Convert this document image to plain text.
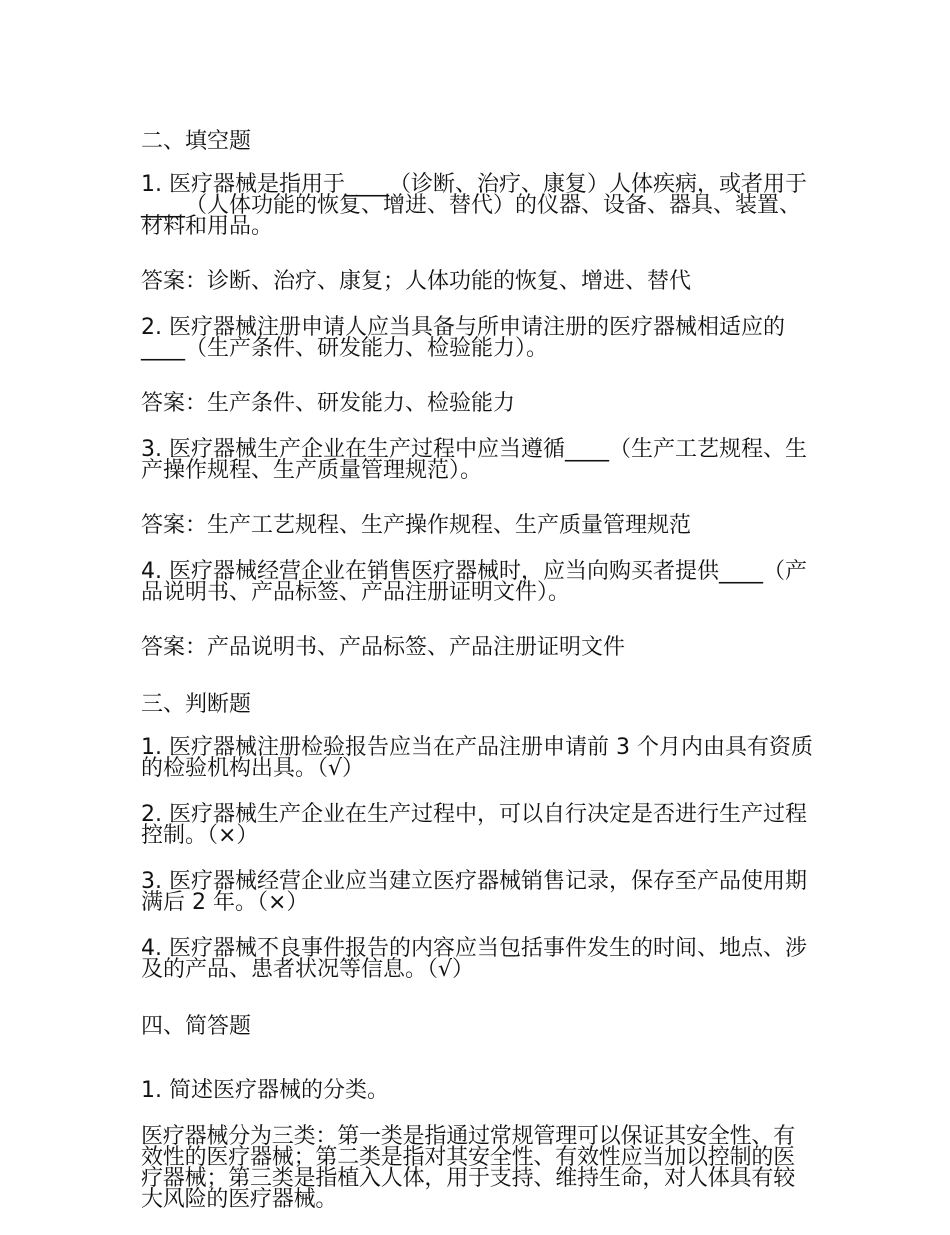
二、填空题

1. 医疗器械是指用于____（诊断、治疗、康复）人体疾病，或者用于____（人体功能的恢复、增进、替代）的仪器、设备、器具、装置、材料和用品。

答案：诊断、治疗、康复；人体功能的恢复、增进、替代

2. 医疗器械注册申请人应当具备与所申请注册的医疗器械相适应的____（生产条件、研发能力、检验能力）。

答案：生产条件、研发能力、检验能力

3. 医疗器械生产企业在生产过程中应当遵循____（生产工艺规程、生产操作规程、生产质量管理规范）。

答案：生产工艺规程、生产操作规程、生产质量管理规范

4. 医疗器械经营企业在销售医疗器械时，应当向购买者提供____（产品说明书、产品标签、产品注册证明文件）。

答案：产品说明书、产品标签、产品注册证明文件

三、判断题

1. 医疗器械注册检验报告应当在产品注册申请前 3 个月内由具有资质的检验机构出具。（√）

2. 医疗器械生产企业在生产过程中，可以自行决定是否进行生产过程控制。（×）

3. 医疗器械经营企业应当建立医疗器械销售记录，保存至产品使用期满后 2 年。（×）

4. 医疗器械不良事件报告的内容应当包括事件发生的时间、地点、涉及的产品、患者状况等信息。（√）

四、简答题

1. 简述医疗器械的分类。

医疗器械分为三类：第一类是指通过常规管理可以保证其安全性、有效性的医疗器械；第二类是指对其安全性、有效性应当加以控制的医疗器械；第三类是指植入人体，用于支持、维持生命，对人体具有较大风险的医疗器械。
